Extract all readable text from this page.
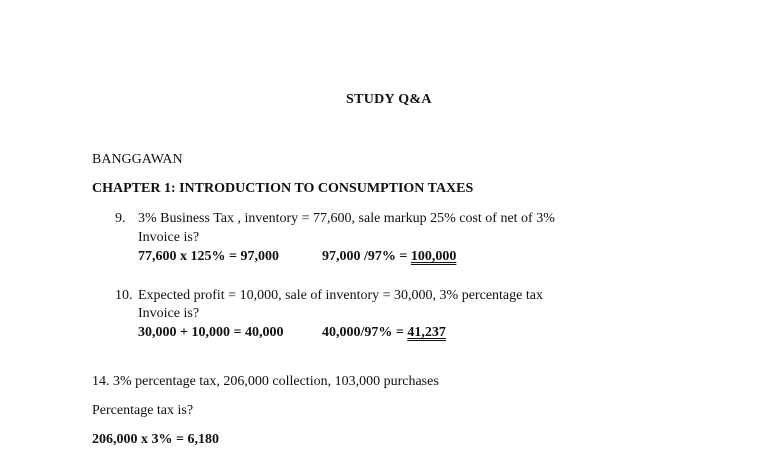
STUDY Q&A
BANGGAWAN
CHAPTER 1: INTRODUCTION TO CONSUMPTION TAXES
9. 3% Business Tax , inventory = 77,600, sale markup 25% cost of net of 3%
Invoice is?
77,600 x 125% = 97,000	97,000 /97% = 100,000
10. Expected profit = 10,000, sale of inventory = 30,000, 3% percentage tax
Invoice is?
30,000 + 10,000 = 40,000	40,000/97% = 41,237
14. 3% percentage tax, 206,000 collection, 103,000 purchases
Percentage tax is?
206,000 x 3% = 6,180
